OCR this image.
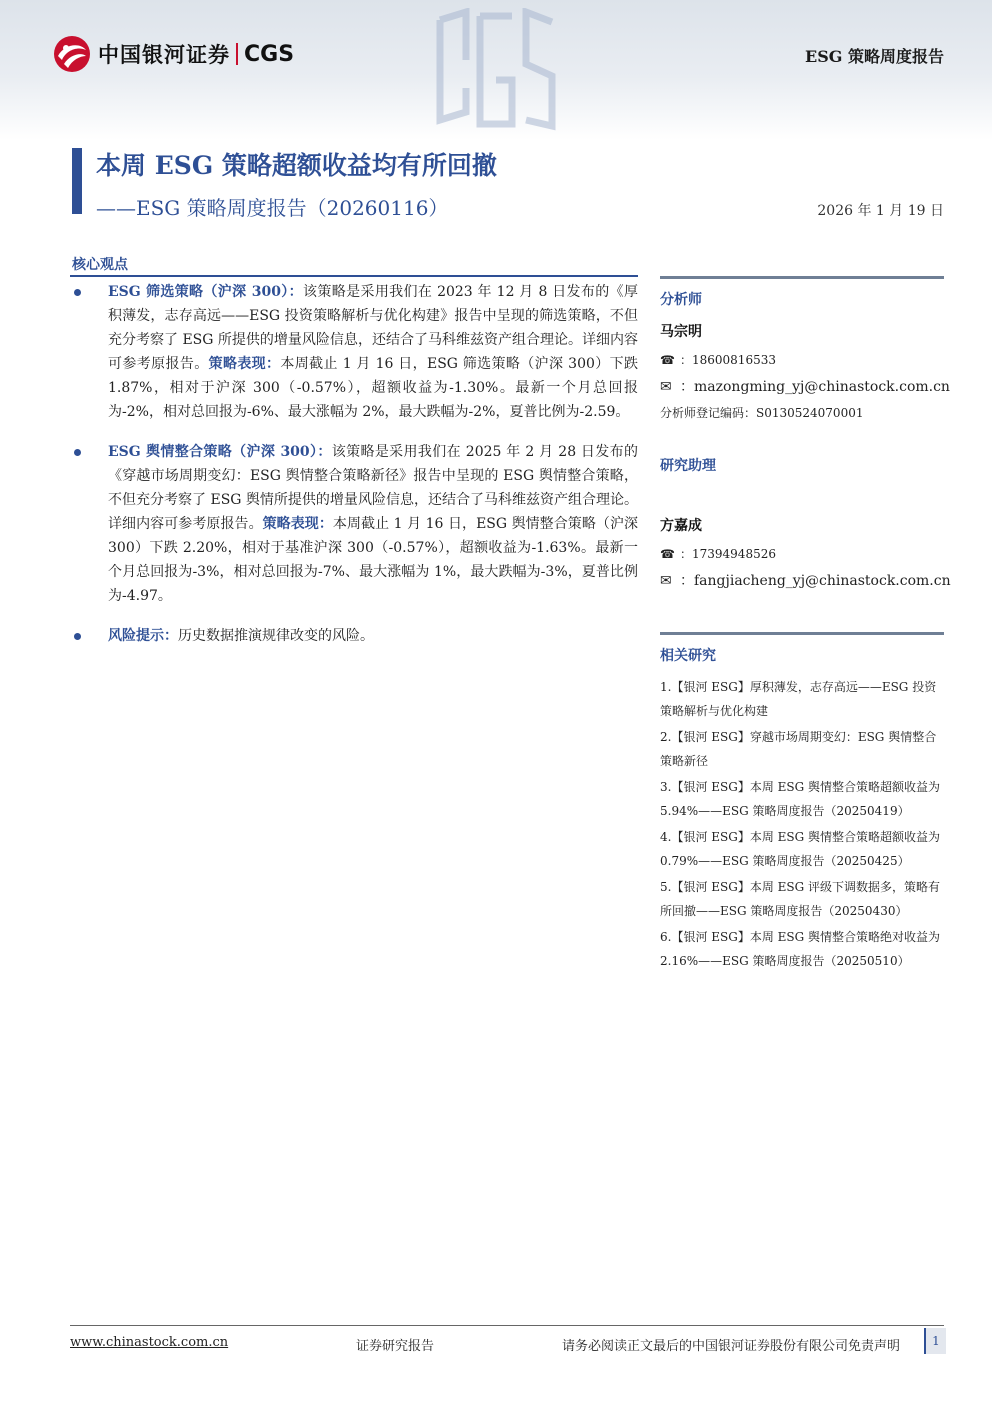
中国银河证券 CGS	ESG 策略周度报告
本周 ESG 策略超额收益均有所回撤
——ESG 策略周度报告（20260116）	2026 年 1 月 19 日
核心观点
ESG 筛选策略（沪深 300）：该策略是采用我们在 2023 年 12 月 8 日发布的《厚积薄发，志存高远——ESG 投资策略解析与优化构建》报告中呈现的筛选策略，不但充分考察了 ESG 所提供的增量风险信息，还结合了马科维兹资产组合理论。详细内容可参考原报告。策略表现：本周截止 1 月 16 日，ESG 筛选策略（沪深 300）下跌 1.87%，相对于沪深 300（-0.57%），超额收益为-1.30%。最新一个月总回报为-2%，相对总回报为-6%、最大涨幅为 2%，最大跌幅为-2%，夏普比例为-2.59。
ESG 舆情整合策略（沪深 300）：该策略是采用我们在 2025 年 2 月 28 日发布的《穿越市场周期变幻：ESG 舆情整合策略新径》报告中呈现的 ESG 舆情整合策略，不但充分考察了 ESG 舆情所提供的增量风险信息，还结合了马科维兹资产组合理论。详细内容可参考原报告。策略表现：本周截止 1 月 16 日，ESG 舆情整合策略（沪深 300）下跌 2.20%，相对于基准沪深 300（-0.57%），超额收益为-1.63%。最新一个月总回报为-3%，相对总回报为-7%、最大涨幅为 1%，最大跌幅为-3%，夏普比例为-4.97。
风险提示：历史数据推演规律改变的风险。
分析师
马宗明
☎ ：18600816533
✉ ：mazongming_yj@chinastock.com.cn
分析师登记编码：S0130524070001
研究助理
方嘉成
☎ ：17394948526
✉ ：fangjiacheng_yj@chinastock.com.cn
相关研究
1.【银河 ESG】厚积薄发，志存高远——ESG 投资策略解析与优化构建
2.【银河 ESG】穿越市场周期变幻：ESG 舆情整合策略新径
3.【银河 ESG】本周 ESG 舆情整合策略超额收益为 5.94%——ESG 策略周度报告（20250419）
4.【银河 ESG】本周 ESG 舆情整合策略超额收益为 0.79%——ESG 策略周度报告（20250425）
5.【银河 ESG】本周 ESG 评级下调数据多，策略有所回撤——ESG 策略周度报告（20250430）
6.【银河 ESG】本周 ESG 舆情整合策略绝对收益为 2.16%——ESG 策略周度报告（20250510）
www.chinastock.com.cn	证券研究报告	请务必阅读正文最后的中国银河证券股份有限公司免责声明	1
